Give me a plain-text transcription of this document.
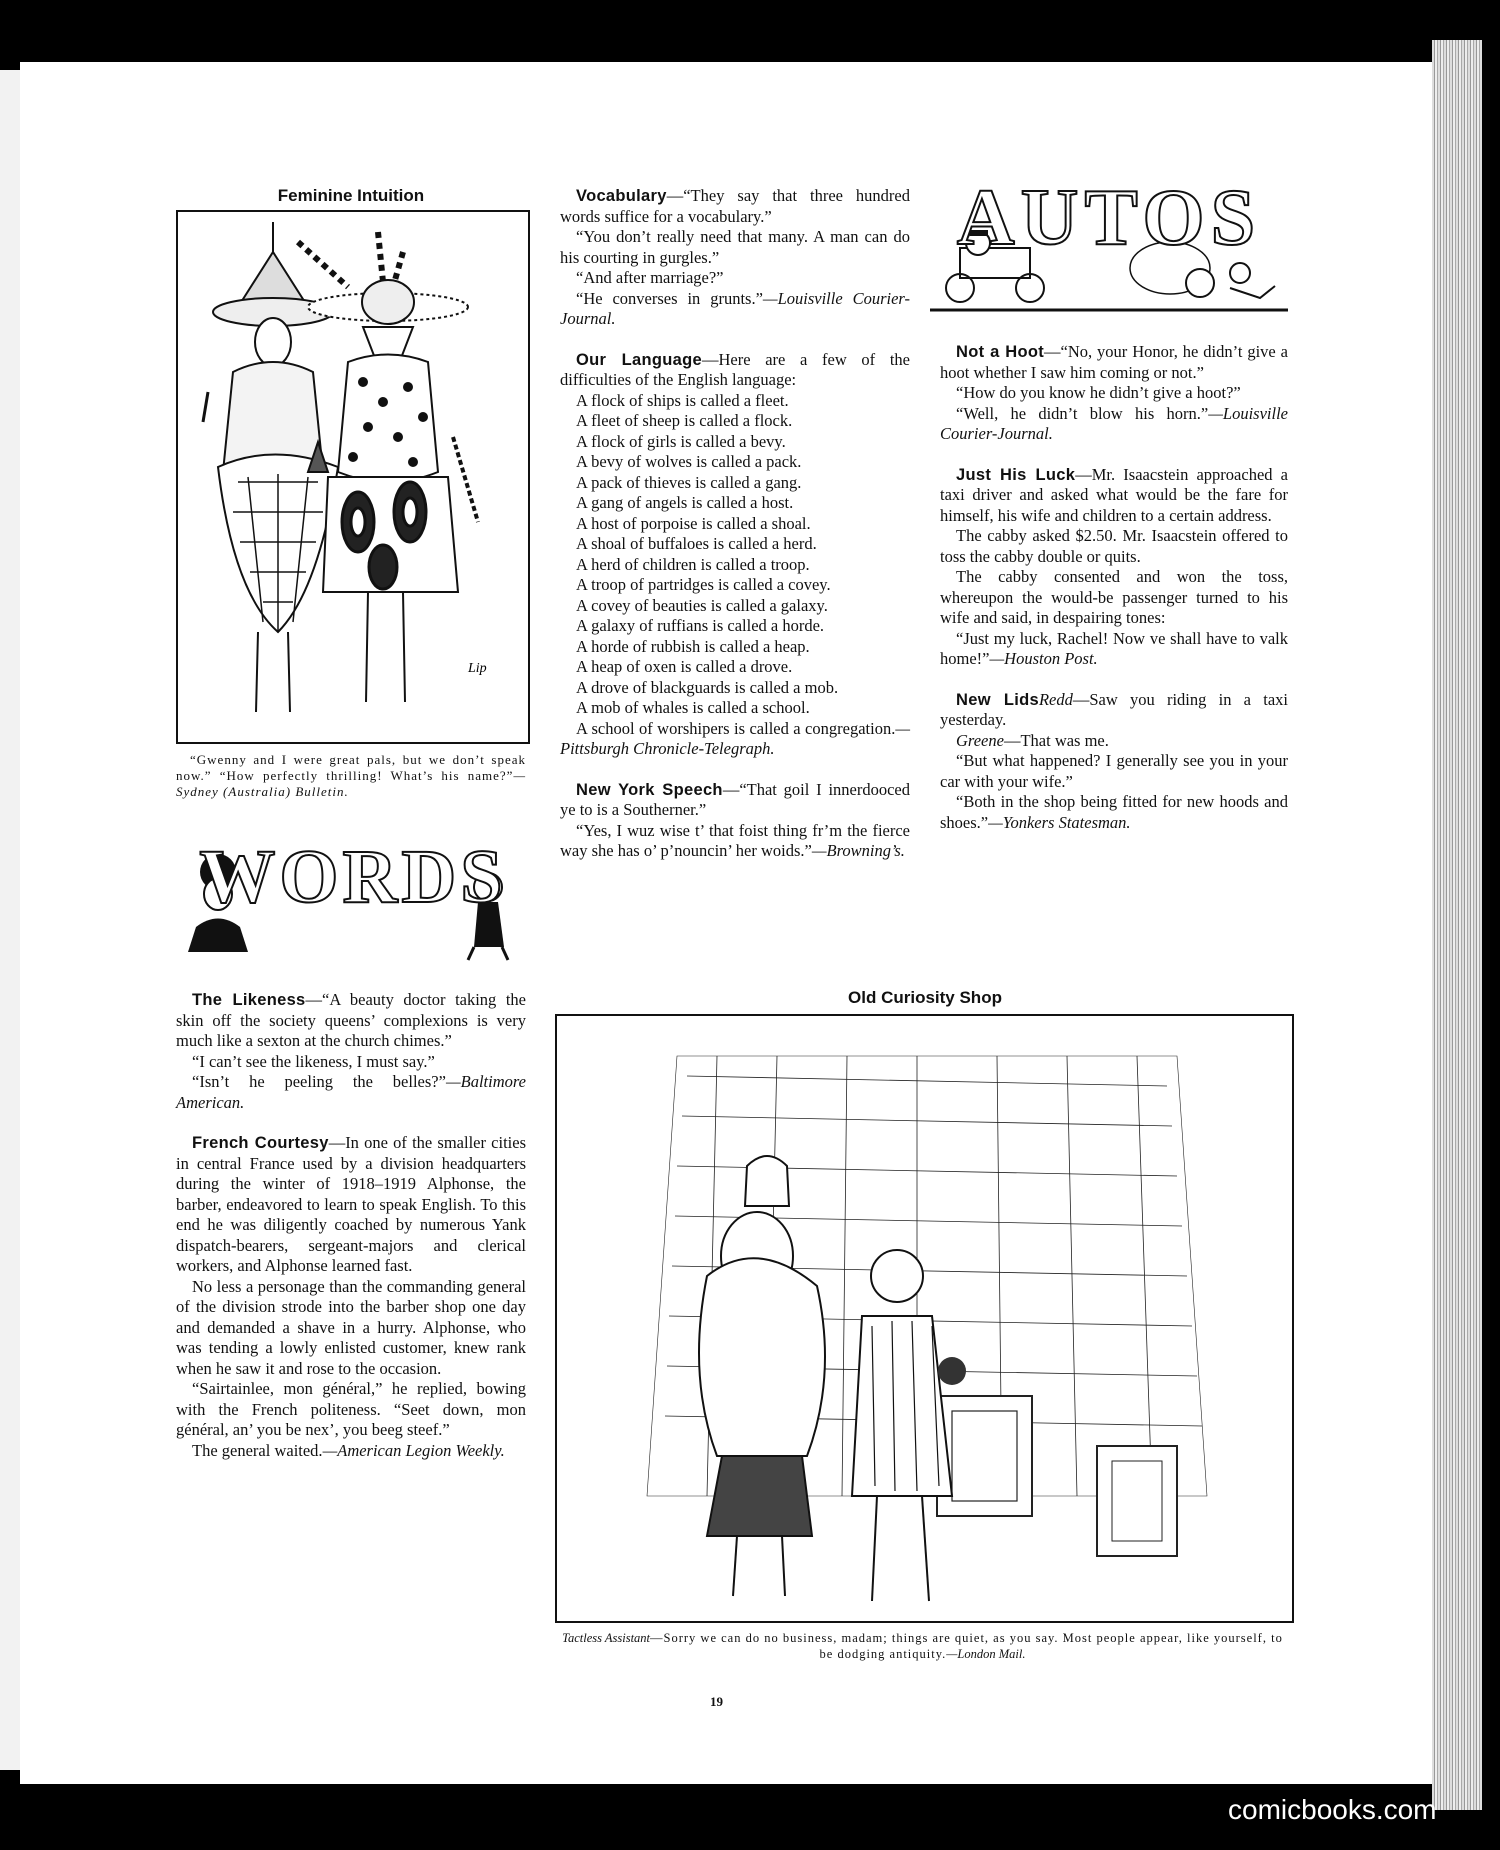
Feminine Intuition
Lip
“Gwenny and I were great pals, but we don’t speak now.” “How perfectly thrilling! What’s his name?”—Sydney (Australia) Bulletin.
WORDS
AUTOS

Vocabulary—“They say that three hundred words suffice for a vocabulary.”

“You don’t really need that many. A man can do his courting in gurgles.”

“And after marriage?”

“He converses in grunts.”—Louisville Courier-Journal.

Our Language—Here are a few of the difficulties of the English language:

A flock of ships is called a fleet.

A fleet of sheep is called a flock.

A flock of girls is called a bevy.

A bevy of wolves is called a pack.

A pack of thieves is called a gang.

A gang of angels is called a host.

A host of porpoise is called a shoal.

A shoal of buffaloes is called a herd.

A herd of children is called a troop.

A troop of partridges is called a covey.

A covey of beauties is called a galaxy.

A galaxy of ruffians is called a horde.

A horde of rubbish is called a heap.

A heap of oxen is called a drove.

A drove of blackguards is called a mob.

A mob of whales is called a school.

A school of worshipers is called a congregation.— Pittsburgh Chronicle-Telegraph.

New York Speech—“That goil I innerdooced ye to is a Southerner.”

“Yes, I wuz wise t’ that foist thing fr’m the fierce way she has o’ p’nouncin’ her woids.”—Browning’s.

Not a Hoot—“No, your Honor, he didn’t give a hoot whether I saw him coming or not.”

“How do you know he didn’t give a hoot?”

“Well, he didn’t blow his horn.”—Louisville Courier-Journal.

Just His Luck—Mr. Isaacstein approached a taxi driver and asked what would be the fare for himself, his wife and children to a certain address.

The cabby asked $2.50. Mr. Isaacstein offered to toss the cabby double or quits.

The cabby consented and won the toss, whereupon the would-be passenger turned to his wife and said, in despairing tones:

“Just my luck, Rachel! Now ve shall have to valk home!”—Houston Post.

New LidsRedd—Saw you riding in a taxi yesterday.

Greene—That was me.

“But what happened? I generally see you in your car with your wife.”

“Both in the shop being fitted for new hoods and shoes.”—Yonkers Statesman.

The Likeness—“A beauty doctor taking the skin off the society queens’ complexions is very much like a sexton at the church chimes.”

“I can’t see the likeness, I must say.”

“Isn’t he peeling the belles?”—Baltimore American.

French Courtesy—In one of the smaller cities in central France used by a division headquarters during the winter of 1918–1919 Alphonse, the barber, endeavored to learn to speak English. To this end he was diligently coached by numerous Yank dispatch-bearers, sergeant-majors and clerical workers, and Alphonse learned fast.

No less a personage than the commanding general of the division strode into the barber shop one day and demanded a shave in a hurry. Alphonse, who was tending a lowly enlisted customer, knew rank when he saw it and rose to the occasion.

“Sairtainlee, mon général,” he replied, bowing with the French politeness. “Seet down, mon général, an’ you be nex’, you beeg steef.”

The general waited.—American Legion Weekly.

Old Curiosity Shop
Tactless Assistant—Sorry we can do no business, madam; things are quiet, as you say. Most people appear, like yourself, to be dodging antiquity.—London Mail.
19
comicbooks.com
